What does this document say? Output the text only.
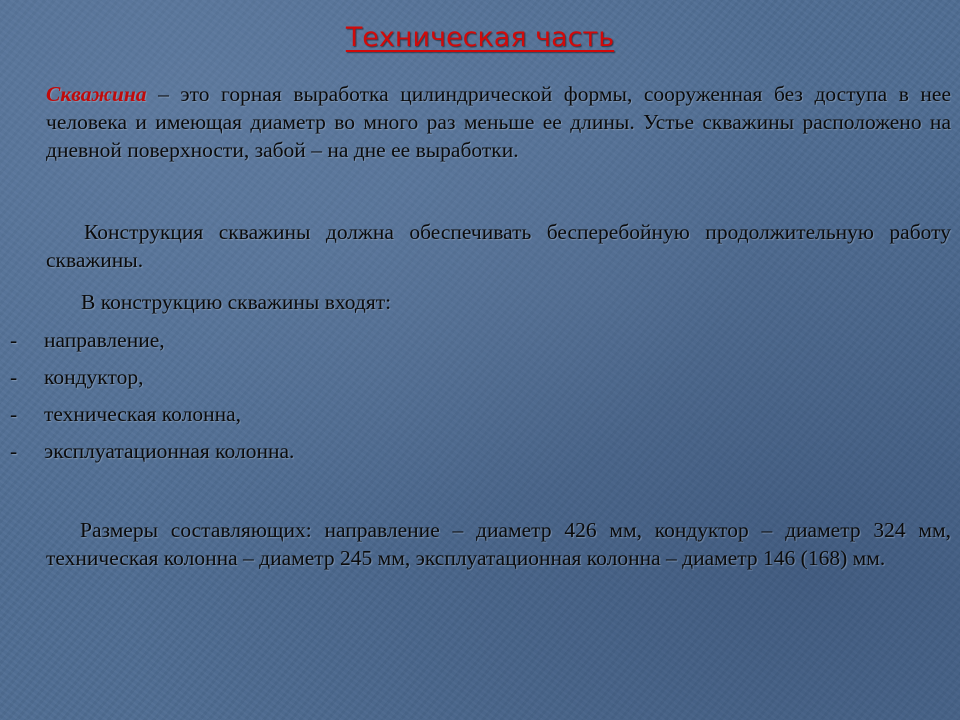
Техническая часть
Скважина – это горная выработка цилиндрической формы, сооруженная без доступа в нее человека и имеющая диаметр во много раз меньше ее длины. Устье скважины расположено на дневной поверхности, забой – на дне ее выработки.
Конструкция скважины должна обеспечивать бесперебойную продолжительную работу скважины.
В конструкцию скважины входят:
-	направление,
-	кондуктор,
-	техническая колонна,
-	эксплуатационная колонна.
Размеры составляющих: направление – диаметр 426 мм, кондуктор – диаметр 324 мм, техническая колонна – диаметр 245 мм, эксплуатационная колонна – диаметр 146 (168) мм.
